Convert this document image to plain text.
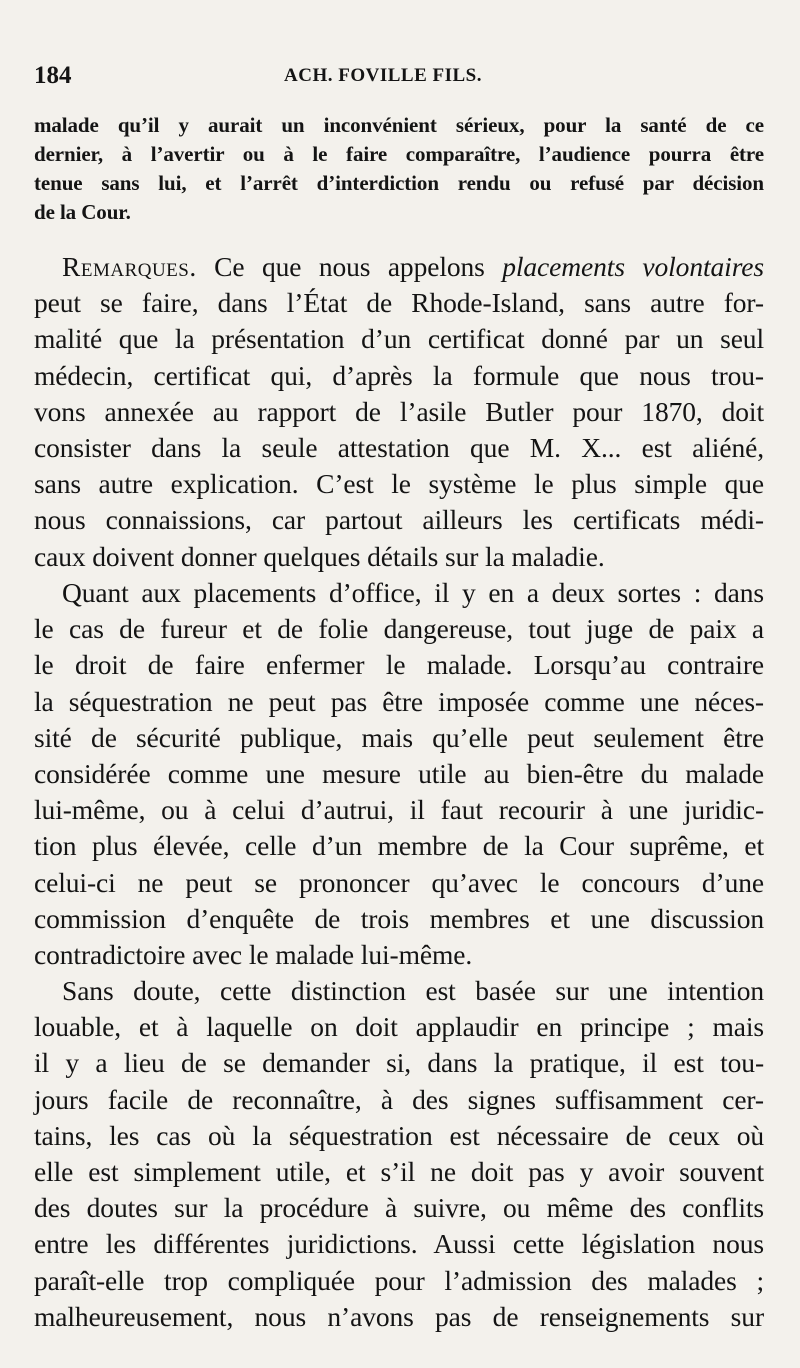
184	ACH. FOVILLE FILS.
malade qu’il y aurait un inconvénient sérieux, pour la santé de ce
dernier, à l’avertir ou à le faire comparaître, l’audience pourra être
tenue sans lui, et l’arrêt d’interdiction rendu ou refusé par décision
de la Cour.
Remarques. Ce que nous appelons placements volontaires
peut se faire, dans l’État de Rhode-Island, sans autre for-
malité que la présentation d’un certificat donné par un seul
médecin, certificat qui, d’après la formule que nous trou-
vons annexée au rapport de l’asile Butler pour 1870, doit
consister dans la seule attestation que M. X... est aliéné,
sans autre explication. C’est le système le plus simple que
nous connaissions, car partout ailleurs les certificats médi-
caux doivent donner quelques détails sur la maladie.
Quant aux placements d’office, il y en a deux sortes : dans
le cas de fureur et de folie dangereuse, tout juge de paix a
le droit de faire enfermer le malade. Lorsqu’au contraire
la séquestration ne peut pas être imposée comme une néces-
sité de sécurité publique, mais qu’elle peut seulement être
considérée comme une mesure utile au bien-être du malade
lui-même, ou à celui d’autrui, il faut recourir à une juridic-
tion plus élevée, celle d’un membre de la Cour suprême, et
celui-ci ne peut se prononcer qu’avec le concours d’une
commission d’enquête de trois membres et une discussion
contradictoire avec le malade lui-même.
Sans doute, cette distinction est basée sur une intention
louable, et à laquelle on doit applaudir en principe ; mais
il y a lieu de se demander si, dans la pratique, il est tou-
jours facile de reconnaître, à des signes suffisamment cer-
tains, les cas où la séquestration est nécessaire de ceux où
elle est simplement utile, et s’il ne doit pas y avoir souvent
des doutes sur la procédure à suivre, ou même des conflits
entre les différentes juridictions. Aussi cette législation nous
paraît-elle trop compliquée pour l’admission des malades ;
malheureusement, nous n’avons pas de renseignements sur
